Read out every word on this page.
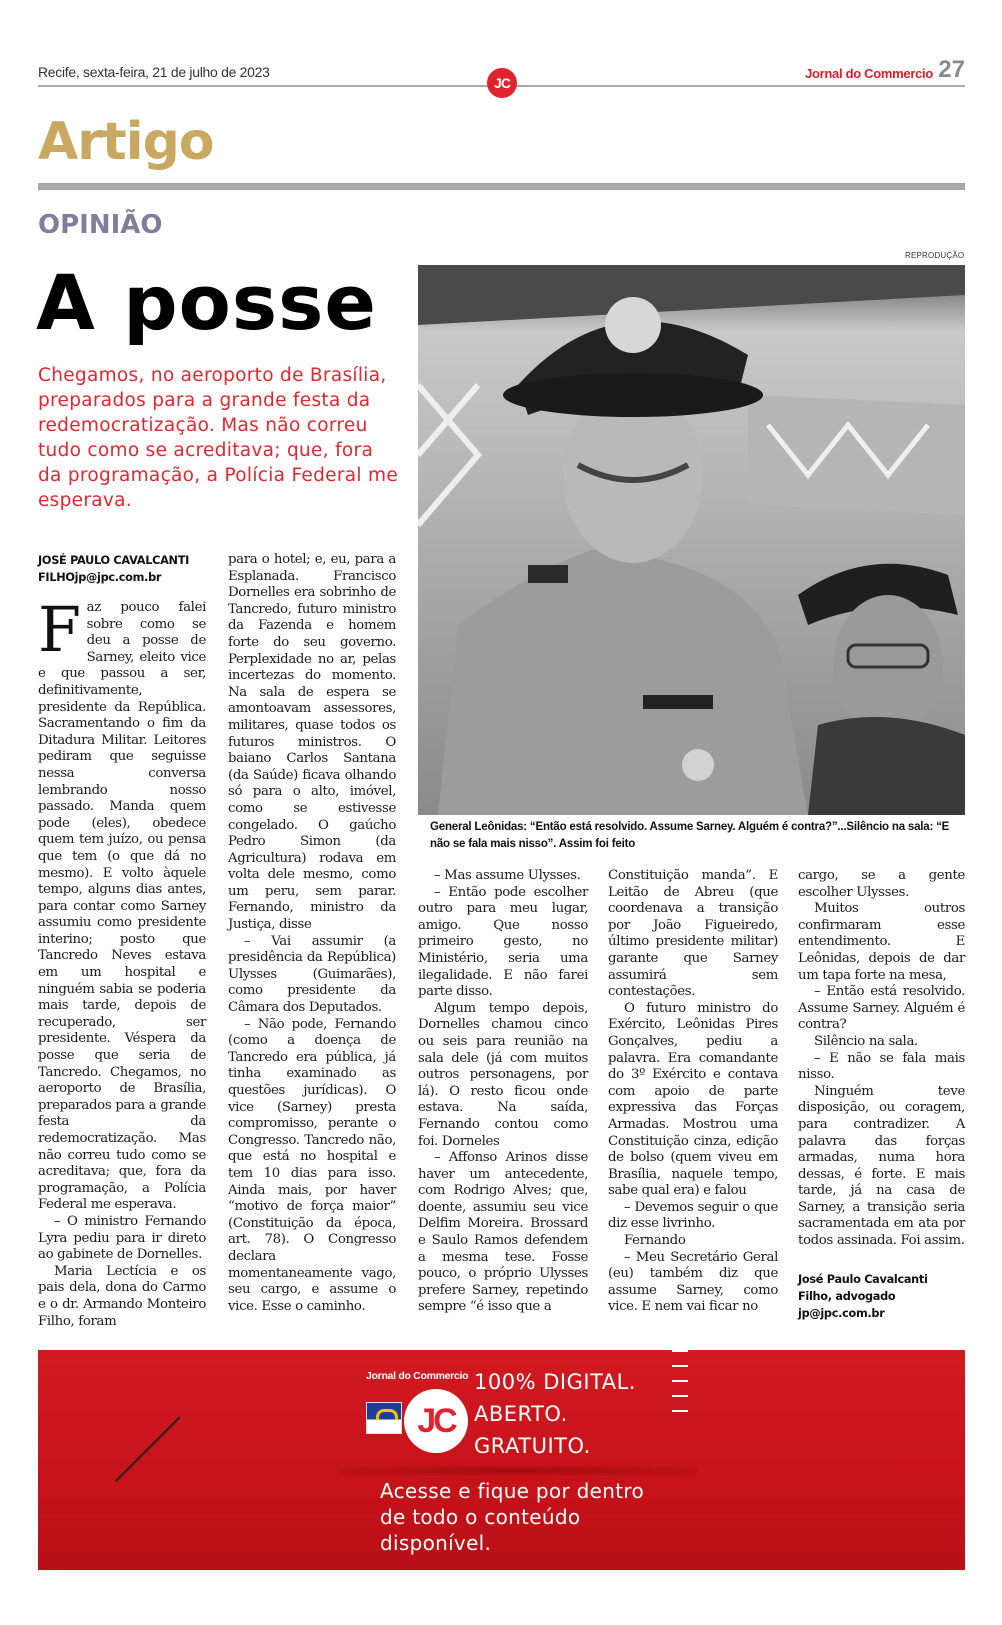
Recife, sexta-feira, 21 de julho de 2023
JC
Jornal do Commercio 27
Artigo
OPINIÃO
A posse
Chegamos, no aeroporto de Brasília, preparados para a grande festa da redemocratização. Mas não correu tudo como se acreditava; que, fora da programação, a Polícia Federal me esperava.
REPRODUÇÃO
General Leônidas: “Então está resolvido. Assume Sarney. Alguém é contra?”...Silêncio na sala: “E não se fala mais nisso”. Assim foi feito
JOSÉ PAULO CAVALCANTI
FILHOjp@jpc.com.br

Faz pouco falei sobre como se deu a posse de Sarney, eleito vice e que passou a ser, definitivamente, presidente da República. Sacramentando o fim da Ditadura Militar. Leitores pediram que seguisse nessa conversa lembrando nosso passado. Manda quem pode (eles), obedece quem tem juízo, ou pensa que tem (o que dá no mesmo). E volto àquele tempo, alguns dias antes, para contar como Sarney assumiu como presidente interino; posto que Tancredo Neves estava em um hospital e ninguém sabia se poderia mais tarde, depois de recuperado, ser presidente. Véspera da posse que seria de Tancredo. Chegamos, no aeroporto de Brasília, preparados para a grande festa da redemocratização. Mas não correu tudo como se acreditava; que, fora da programação, a Polícia Federal me esperava.

– O ministro Fernando Lyra pediu para ir direto ao gabinete de Dornelles.

Maria Lectícia e os pais dela, dona do Carmo e o dr. Armando Monteiro Filho, foram

para o hotel; e, eu, para a Esplanada. Francisco Dornelles era sobrinho de Tancredo, futuro ministro da Fazenda e homem forte do seu governo. Perplexidade no ar, pelas incertezas do momento. Na sala de espera se amontoavam assessores, militares, quase todos os futuros ministros. O baiano Carlos Santana (da Saúde) ficava olhando só para o alto, imóvel, como se estivesse congelado. O gaúcho Pedro Simon (da Agricultura) rodava em volta dele mesmo, como um peru, sem parar. Fernando, ministro da Justiça, disse

– Vai assumir (a presidência da República) Ulysses (Guimarães), como presidente da Câmara dos Deputados.

– Não pode, Fernando (como a doença de Tancredo era pública, já tinha examinado as questões jurídicas). O vice (Sarney) presta compromisso, perante o Congresso. Tancredo não, que está no hospital e tem 10 dias para isso. Ainda mais, por haver “motivo de força maior” (Constituição da época, art. 78). O Congresso declara momentaneamente vago, seu cargo, e assume o vice. Esse o caminho.

– Mas assume Ulysses.

– Então pode escolher outro para meu lugar, amigo. Que nosso primeiro gesto, no Ministério, seria uma ilegalidade. E não farei parte disso.

Algum tempo depois, Dornelles chamou cinco ou seis para reunião na sala dele (já com muitos outros personagens, por lá). O resto ficou onde estava. Na saída, Fernando contou como foi. Dorneles

– Affonso Arinos disse haver um antecedente, com Rodrigo Alves; que, doente, assumiu seu vice Delfim Moreira. Brossard e Saulo Ramos defendem a mesma tese. Fosse pouco, o próprio Ulysses prefere Sarney, repetindo sempre “é isso que a

Constituição manda”. E Leitão de Abreu (que coordenava a transição por João Figueiredo, último presidente militar) garante que Sarney assumirá sem contestações.

O futuro ministro do Exército, Leônidas Pires Gonçalves, pediu a palavra. Era comandante do 3º Exército e contava com apoio de parte expressiva das Forças Armadas. Mostrou uma Constituição cinza, edição de bolso (quem viveu em Brasília, naquele tempo, sabe qual era) e falou

– Devemos seguir o que diz esse livrinho.

Fernando

– Meu Secretário Geral (eu) também diz que assume Sarney, como vice. E nem vai ficar no

cargo, se a gente escolher Ulysses.

Muitos outros confirmaram esse entendimento. E Leônidas, depois de dar um tapa forte na mesa,

– Então está resolvido. Assume Sarney. Alguém é contra?

Silêncio na sala.

– E não se fala mais nisso.

Ninguém teve disposição, ou coragem, para contradizer. A palavra das forças armadas, numa hora dessas, é forte. E mais tarde, já na casa de Sarney, a transição seria sacramentada em ata por todos assinada. Foi assim.

José Paulo Cavalcanti
Filho, advogado
jp@jpc.com.br
Jornal do Commercio
JC
100% DIGITAL.
ABERTO.
GRATUITO.
Acesse e fique por dentro de todo o conteúdo disponível.
